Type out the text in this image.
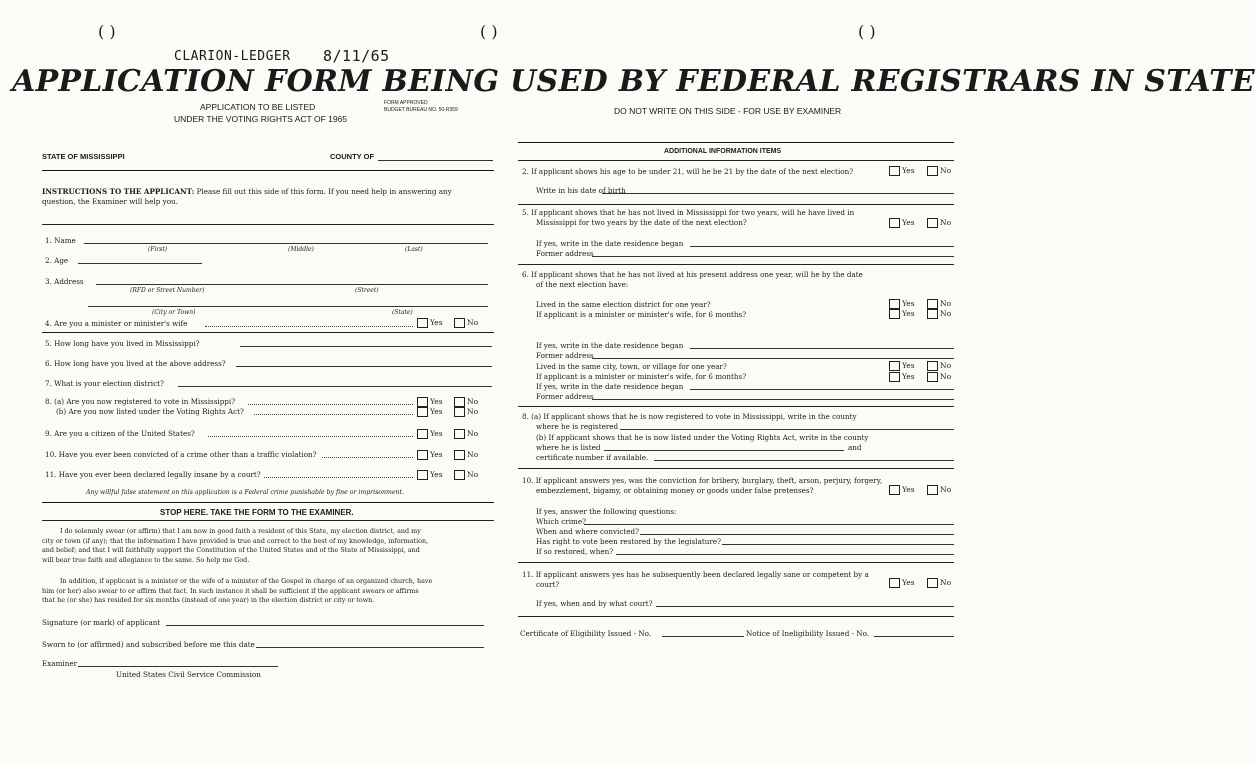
( )	( )	( )
CLARION-LEDGER 8/11/65
APPLICATION FORM BEING USED BY FEDERAL REGISTRARS IN STATE
APPLICATION TO BE LISTED
UNDER THE VOTING RIGHTS ACT OF 1965
FORM APPROVED
BUDGET BUREAU NO. 50-R359	DO NOT WRITE ON THIS SIDE - FOR USE BY EXAMINER
STATE OF MISSISSIPPI	COUNTY OF
INSTRUCTIONS TO THE APPLICANT: Please fill out this side of this form. If you need help in answering any
question, the Examiner will help you.
1. Name
(First)	(Middle)	(Last)
2. Age
3. Address
(RFD or Street Number)	(Street)
(City or Town)	(State)
4. Are you a minister or minister's wife	Yes	No
5. How long have you lived in Mississippi?
6. How long have you lived at the above address?
7. What is your election district?
8. (a) Are you now registered to vote in Mississippi?	Yes	No
(b) Are you now listed under the Voting Rights Act?	Yes	No
9. Are you a citizen of the United States?	Yes	No
10. Have you ever been convicted of a crime other than a traffic violation?	Yes	No
11. Have you ever been declared legally insane by a court?	Yes	No
Any willful false statement on this application is a Federal crime punishable by fine or imprisonment.
STOP HERE. TAKE THE FORM TO THE EXAMINER.
I do solemnly swear (or affirm) that I am now in good faith a resident of this State, my election district, and my
city or town (if any); that the information I have provided is true and correct to the best of my knowledge, information,
and belief; and that I will faithfully support the Constitution of the United States and of the State of Mississippi, and
will bear true faith and allegiance to the same. So help me God.
In addition, if applicant is a minister or the wife of a minister of the Gospel in charge of an organized church, have
him (or her) also swear to or affirm that fact. In such instance it shall be sufficient if the applicant swears or affirms
that he (or she) has resided for six months (instead of one year) in the election district or city or town.
Signature (or mark) of applicant
Sworn to (or affirmed) and subscribed before me this date
Examiner
United States Civil Service Commission
ADDITIONAL INFORMATION ITEMS
2. If applicant shows his age to be under 21, will he be 21 by the date of the next election?	Yes	No
Write in his date of birth
5. If applicant shows that he has not lived in Mississippi for two years, will he have lived in
Mississippi for two years by the date of the next election?	Yes	No
If yes, write in the date residence began
Former address
6. If applicant shows that he has not lived at his present address one year, will he by the date
of the next election have:
Lived in the same election district for one year?	Yes	No
If applicant is a minister or minister's wife, for 6 months?	Yes	No
If yes, write in the date residence began
Former address
Lived in the same city, town, or village for one year?	Yes	No
If applicant is a minister or minister's wife, for 6 months?	Yes	No
If yes, write in the date residence began
Former address
8. (a) If applicant shows that he is now registered to vote in Mississippi, write in the county
where he is registered
(b) If applicant shows that he is now listed under the Voting Rights Act, write in the county
where he is listed	and
certificate number if available.
10. If applicant answers yes, was the conviction for bribery, burglary, theft, arson, perjury, forgery,
embezzlement, bigamy, or obtaining money or goods under false pretenses?	Yes	No
If yes, answer the following questions:
Which crime?
When and where convicted?
Has right to vote been restored by the legislature?
If so restored, when?
11. If applicant answers yes has he subsequently been declared legally sane or competent by a
court?	Yes	No
If yes, when and by what court?
Certificate of Eligibility Issued - No.	Notice of Ineligibility Issued - No.
